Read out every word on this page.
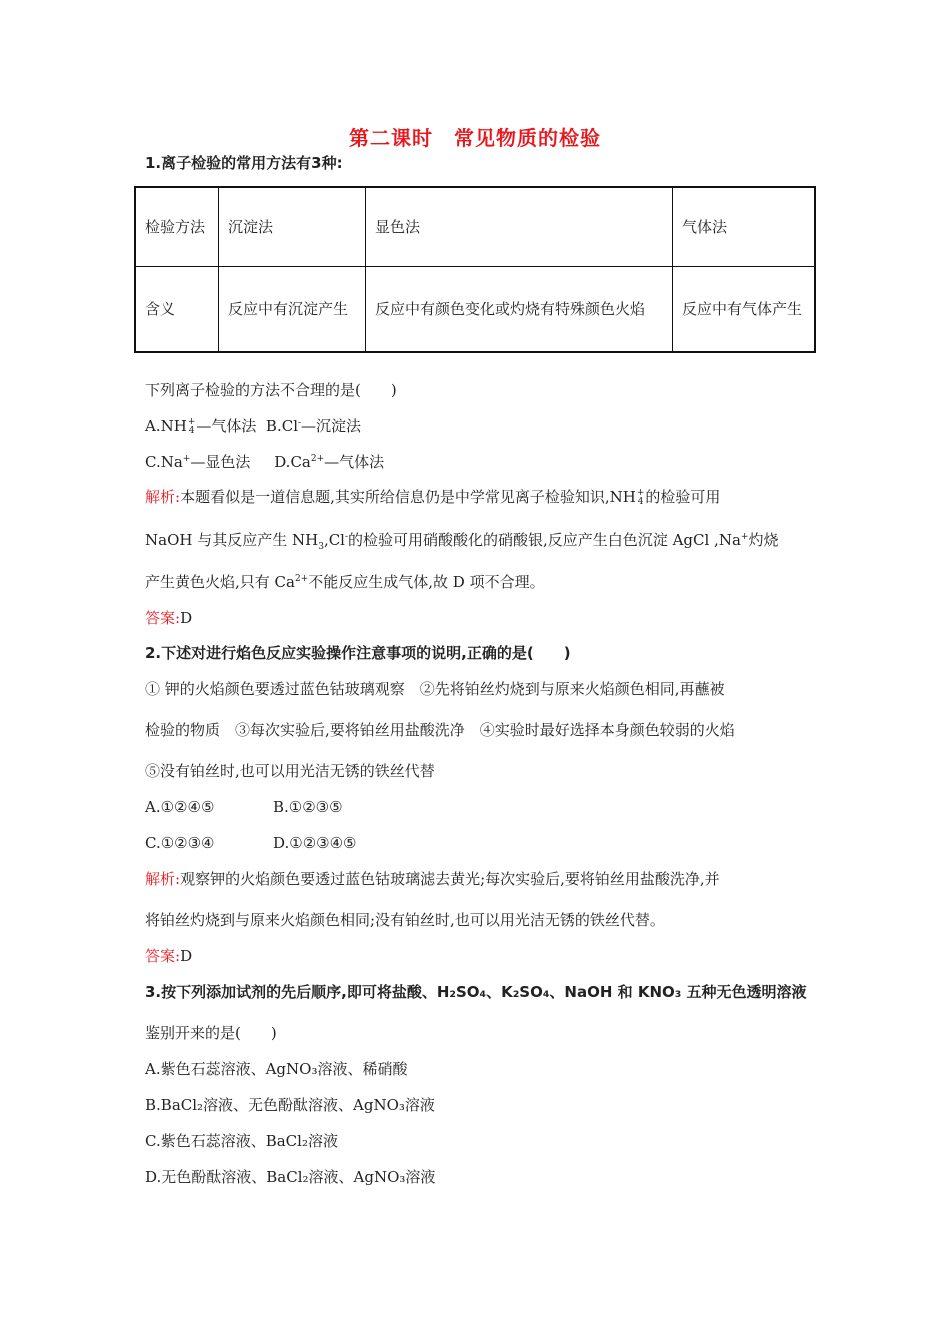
第二课时　常见物质的检验
1.离子检验的常用方法有3种:
检验方法	沉淀法	显色法	气体法
含义	反应中有沉淀产生	反应中有颜色变化或灼烧有特殊颜色火焰	反应中有气体产生
下列离子检验的方法不合理的是(　　)
A.NH+
4 —气体法 B.Cl-—沉淀法
C.Na+—显色法 $D.Ca^{2+}—$气体法
解析:本题看似是一道信息题,其实所给信息仍是中学常见离子检验知识,NH+
4 的检验可用
NaOH 与其反应产生 $NH_3,Cl^-$的检验可用硝酸酸化的硝酸银,反应产生白色沉淀 AgCl ,Na+灼烧
产生黄色火焰,只有 $Ca^{2+}$不能反应生成气体,故 D 项不合理。
答案:D
2.下述对进行焰色反应实验操作注意事项的说明,正确的是(　　)
① 钾的火焰颜色要透过蓝色钴玻璃观察　②先将铂丝灼烧到与原来火焰颜色相同,再蘸被
检验的物质　③每次实验后,要将铂丝用盐酸洗净　④实验时最好选择本身颜色较弱的火焰
⑤没有铂丝时,也可以用光洁无锈的铁丝代替
A.①②④⑤	B.①②③⑤
C.①②③④	D.①②③④⑤
解析:观察钾的火焰颜色要透过蓝色钴玻璃滤去黄光;每次实验后,要将铂丝用盐酸洗净,并
将铂丝灼烧到与原来火焰颜色相同;没有铂丝时,也可以用光洁无锈的铁丝代替。
答案:D
3.按下列添加试剂的先后顺序,即可将盐酸、H₂SO₄、K₂SO₄、NaOH 和 KNO₃ 五种无色透明溶液
鉴别开来的是(　　)
A.紫色石蕊溶液、AgNO₃溶液、稀硝酸
B.BaCl₂溶液、无色酚酞溶液、AgNO₃溶液
C.紫色石蕊溶液、BaCl₂溶液
D.无色酚酞溶液、BaCl₂溶液、AgNO₃溶液
